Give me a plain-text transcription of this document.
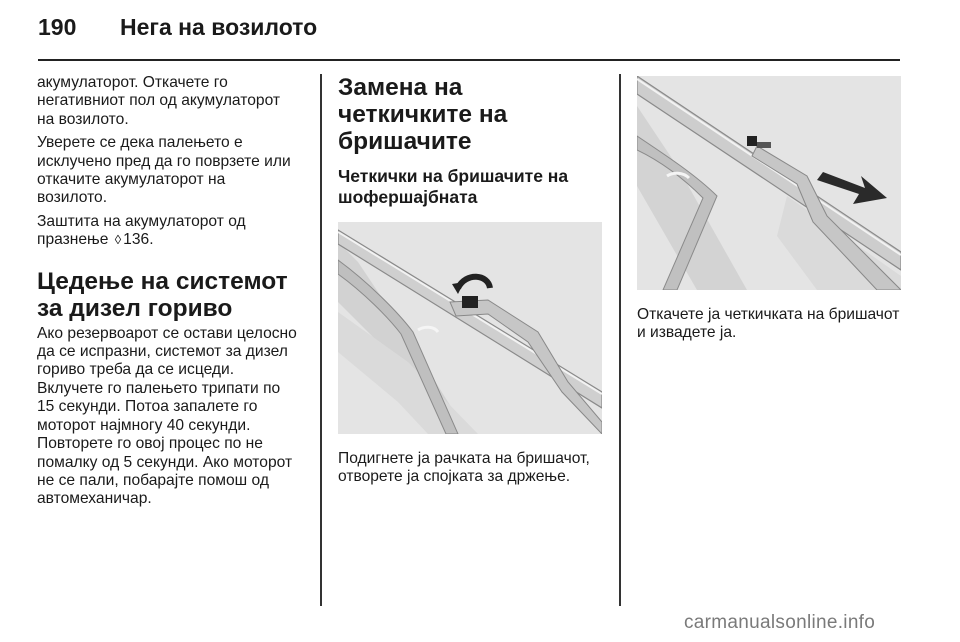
190 Нега на возилото

акумулаторот. Откачете го негативниот пол од акумулаторот на возилото.

Уверете се дека палењето е исклучено пред да го поврзете или откачите акумулаторот на возилото.

Заштита на акумулаторот од празнење ◊ 136.

Цедење на системот за дизел гориво

Ако резервоарот се остави целосно да се испразни, системот за дизел гориво треба да се исцеди. Вклучете го палењето трипати по 15 секунди. Потоа запалете го моторот најмногу 40 секунди. Повторете го овој процес по не помалку од 5 секунди. Ако моторот не се пали, побарајте помош од автомеханичар.

Замена на четкичките на бришачите
Четкички на бришачите на шофершајбната

Подигнете ја рачката на бришачот, отворете ја спојката за држење.

Откачете ја четкичката на бришачот и извадете ја.

carmanualsonline.info
